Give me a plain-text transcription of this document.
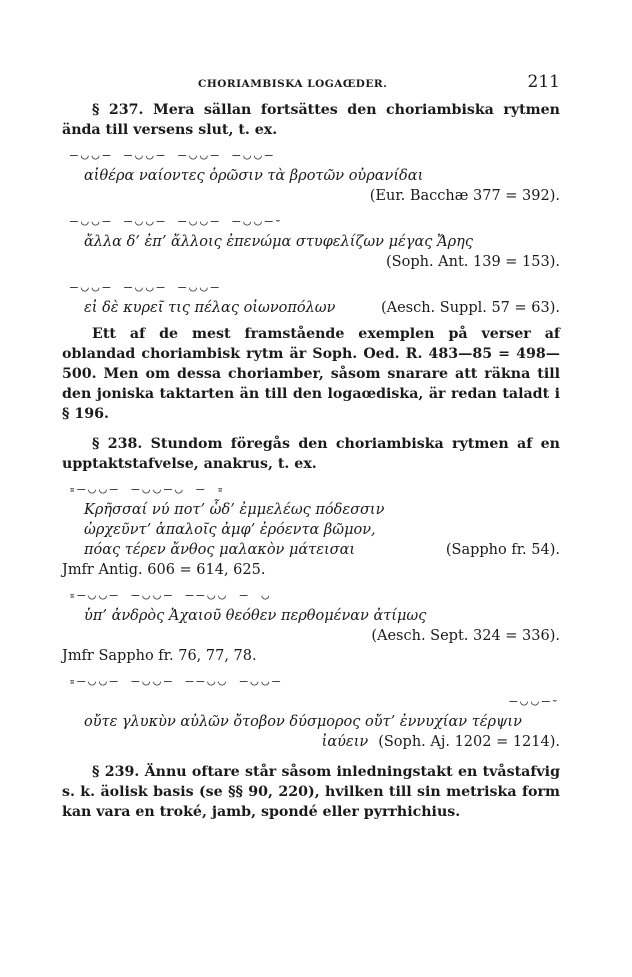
CHORIAMBISKA LOGAŒDER.	211

§ 237. Mera sällan fortsättes den choriambiska rytmen ända till versens slut, t. ex.

—◡◡— —◡◡— —◡◡— —◡◡—
αἰθέρα ναίοντες ὁρῶσιν τὰ βροτῶν οὐρανίδαι
(Eur. Bacchæ 377 = 392).
—◡◡— —◡◡— —◡◡— —◡◡—⏑
ἄλλα δ’ ἐπ’ ἄλλοις ἐπενώμα στυφελίζων μέγας Ἄρης
(Soph. Ant. 139 = 153).
—◡◡— —◡◡— —◡◡—
εἰ δὲ κυρεῖ τις πέλας οἰωνοπόλων	(Aesch. Suppl. 57 = 63).

Ett af de mest framstående exemplen på verser af oblandad choriambisk rytm är Soph. Oed. R. 483—85 = 498—500. Men om dessa choriamber, såsom snarare att räkna till den joniska taktarten än till den logaœdiska, är redan taladt i § 196.

§ 238. Stundom föregås den choriambiska rytmen af en upptaktstafvelse, anakrus, t. ex.

⏓—◡◡— —◡◡—◡ — ⏓
Κρῆσσαί νύ ποτ’ ὧδ’ ἐμμελέως πόδεσσιν
ὠρχεῦντ’ ἁπαλοῖς ἀμφ’ ἐρόεντα βῶμον,
πόας τέρεν ἄνθος μαλακὸν μάτεισαι	(Sappho fr. 54).
Jmfr Antig. 606 = 614, 625.
⏓—◡◡— —◡◡— ——◡◡ — ◡
ὑπ’ ἀνδρὸς Ἀχαιοῦ θεόθεν περθομέναν ἀτίμως
(Aesch. Sept. 324 = 336).
Jmfr Sappho fr. 76, 77, 78.
⏓—◡◡— —◡◡— ——◡◡ —◡◡—
—◡◡—⏑
οὔτε γλυκὺν αὐλῶν ὄτοβον δύσμορος οὔτ’ ἐννυχίαν τέρψιν
ἰαύειν (Soph. Aj. 1202 = 1214).

§ 239. Ännu oftare står såsom inledningstakt en tvåstafvig s. k. äolisk basis (se §§ 90, 220), hvilken till sin metriska form kan vara en troké, jamb, spondé eller pyrrhichius.
